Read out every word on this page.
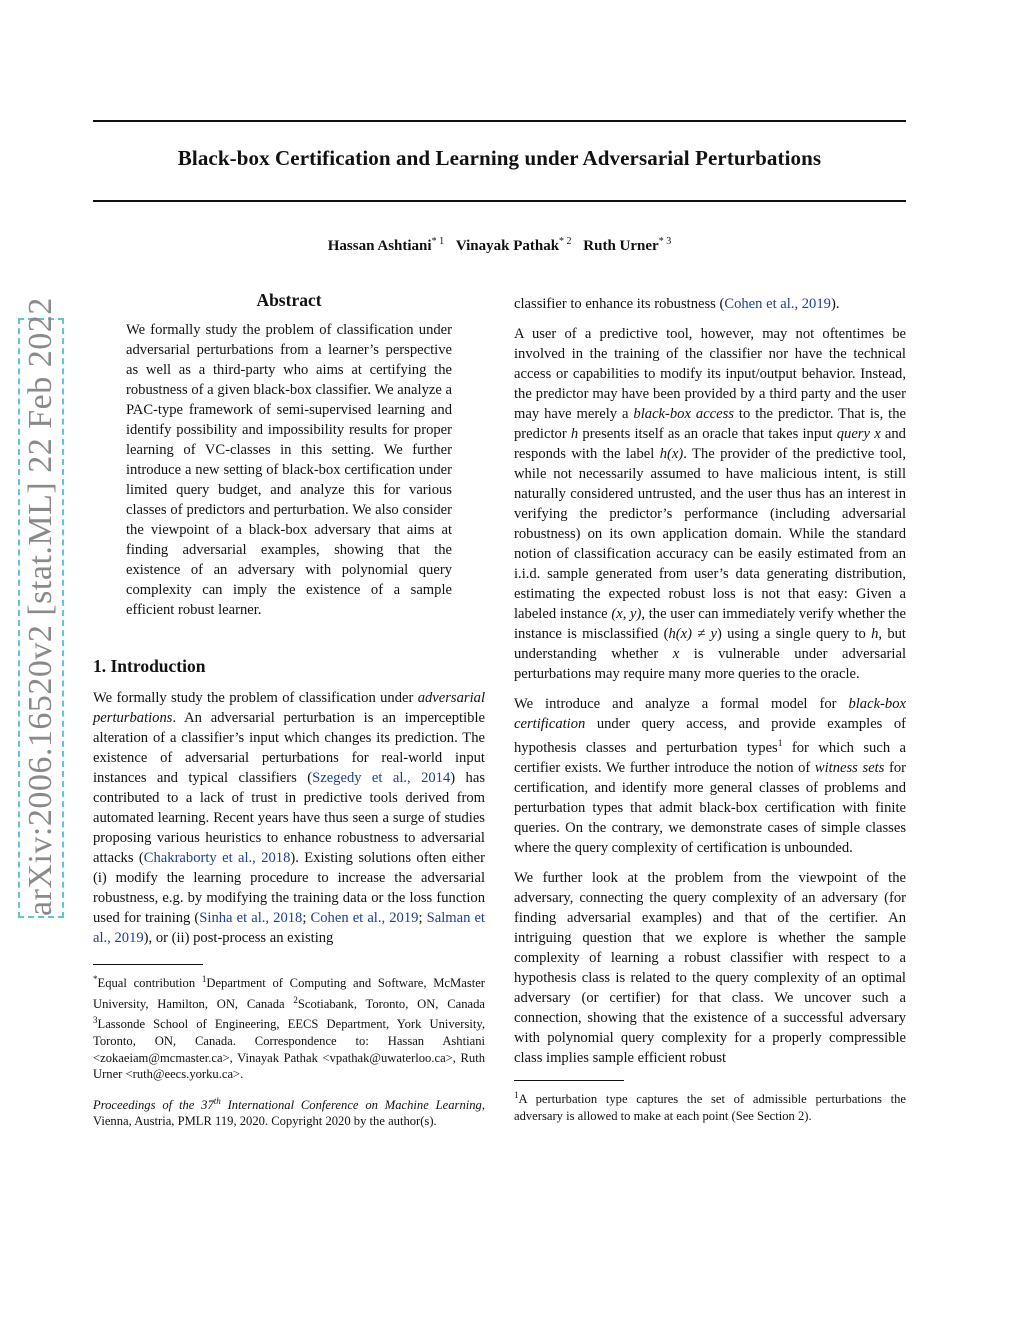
Black-box Certification and Learning under Adversarial Perturbations
Hassan Ashtiani$^{* 1}$ Vinayak Pathak$^{* 2}$ Ruth Urner$^{* 3}$
arXiv:2006.16520v2 [stat.ML] 22 Feb 2022	Abstract
We formally study the problem of classification under adversarial perturbations from a learner’s perspective as well as a third-party who aims at certifying the robustness of a given black-box classifier. We analyze a PAC-type framework of semi-supervised learning and identify possibility and impossibility results for proper learning of VC-classes in this setting. We further introduce a new setting of black-box certification under limited query budget, and analyze this for various classes of predictors and perturbation. We also consider the viewpoint of a black-box adversary that aims at finding adversarial examples, showing that the existence of an adversary with polynomial query complexity can imply the existence of a sample efficient robust learner.
1. Introduction

We formally study the problem of classification under adversarial perturbations. An adversarial perturbation is an imperceptible alteration of a classifier’s input which changes its prediction. The existence of adversarial perturbations for real-world input instances and typical classifiers (Szegedy et al., 2014) has contributed to a lack of trust in predictive tools derived from automated learning. Recent years have thus seen a surge of studies proposing various heuristics to enhance robustness to adversarial attacks (Chakraborty et al., 2018). Existing solutions often either (i) modify the learning procedure to increase the adversarial robustness, e.g. by modifying the training data or the loss function used for training (Sinha et al., 2018; Cohen et al., 2019; Salman et al., 2019), or (ii) post-process an existing

*Equal contribution $^1$Department of Computing and Software, McMaster University, Hamilton, ON, Canada $^2$Scotiabank, Toronto, ON, Canada $^3$Lassonde School of Engineering, EECS Department, York University, Toronto, ON, Canada. Correspondence to: Hassan Ashtiani <zokaeiam@mcmaster.ca>, Vinayak Pathak <vpathak@uwaterloo.ca>, Ruth Urner <ruth@eecs.yorku.ca>.
Proceedings of the 37th International Conference on Machine Learning, Vienna, Austria, PMLR 119, 2020. Copyright 2020 by the author(s).

classifier to enhance its robustness (Cohen et al., 2019).

A user of a predictive tool, however, may not oftentimes be involved in the training of the classifier nor have the technical access or capabilities to modify its input/output behavior. Instead, the predictor may have been provided by a third party and the user may have merely a black-box access to the predictor. That is, the predictor h presents itself as an oracle that takes input query x and responds with the label h(x). The provider of the predictive tool, while not necessarily assumed to have malicious intent, is still naturally considered untrusted, and the user thus has an interest in verifying the predictor’s performance (including adversarial robustness) on its own application domain. While the standard notion of classification accuracy can be easily estimated from an i.i.d. sample generated from user’s data generating distribution, estimating the expected robust loss is not that easy: Given a labeled instance (x, y), the user can immediately verify whether the instance is misclassified (h(x) ≠ y) using a single query to h, but understanding whether x is vulnerable under adversarial perturbations may require many more queries to the oracle.

We introduce and analyze a formal model for black-box certification under query access, and provide examples of hypothesis classes and perturbation types$^1$ for which such a certifier exists. We further introduce the notion of witness sets for certification, and identify more general classes of problems and perturbation types that admit black-box certification with finite queries. On the contrary, we demonstrate cases of simple classes where the query complexity of certification is unbounded.

We further look at the problem from the viewpoint of the adversary, connecting the query complexity of an adversary (for finding adversarial examples) and that of the certifier. An intriguing question that we explore is whether the sample complexity of learning a robust classifier with respect to a hypothesis class is related to the query complexity of an optimal adversary (or certifier) for that class. We uncover such a connection, showing that the existence of a successful adversary with polynomial query complexity for a properly compressible class implies sample efficient robust

$^1$A perturbation type captures the set of admissible perturbations the adversary is allowed to make at each point (See Section 2).
